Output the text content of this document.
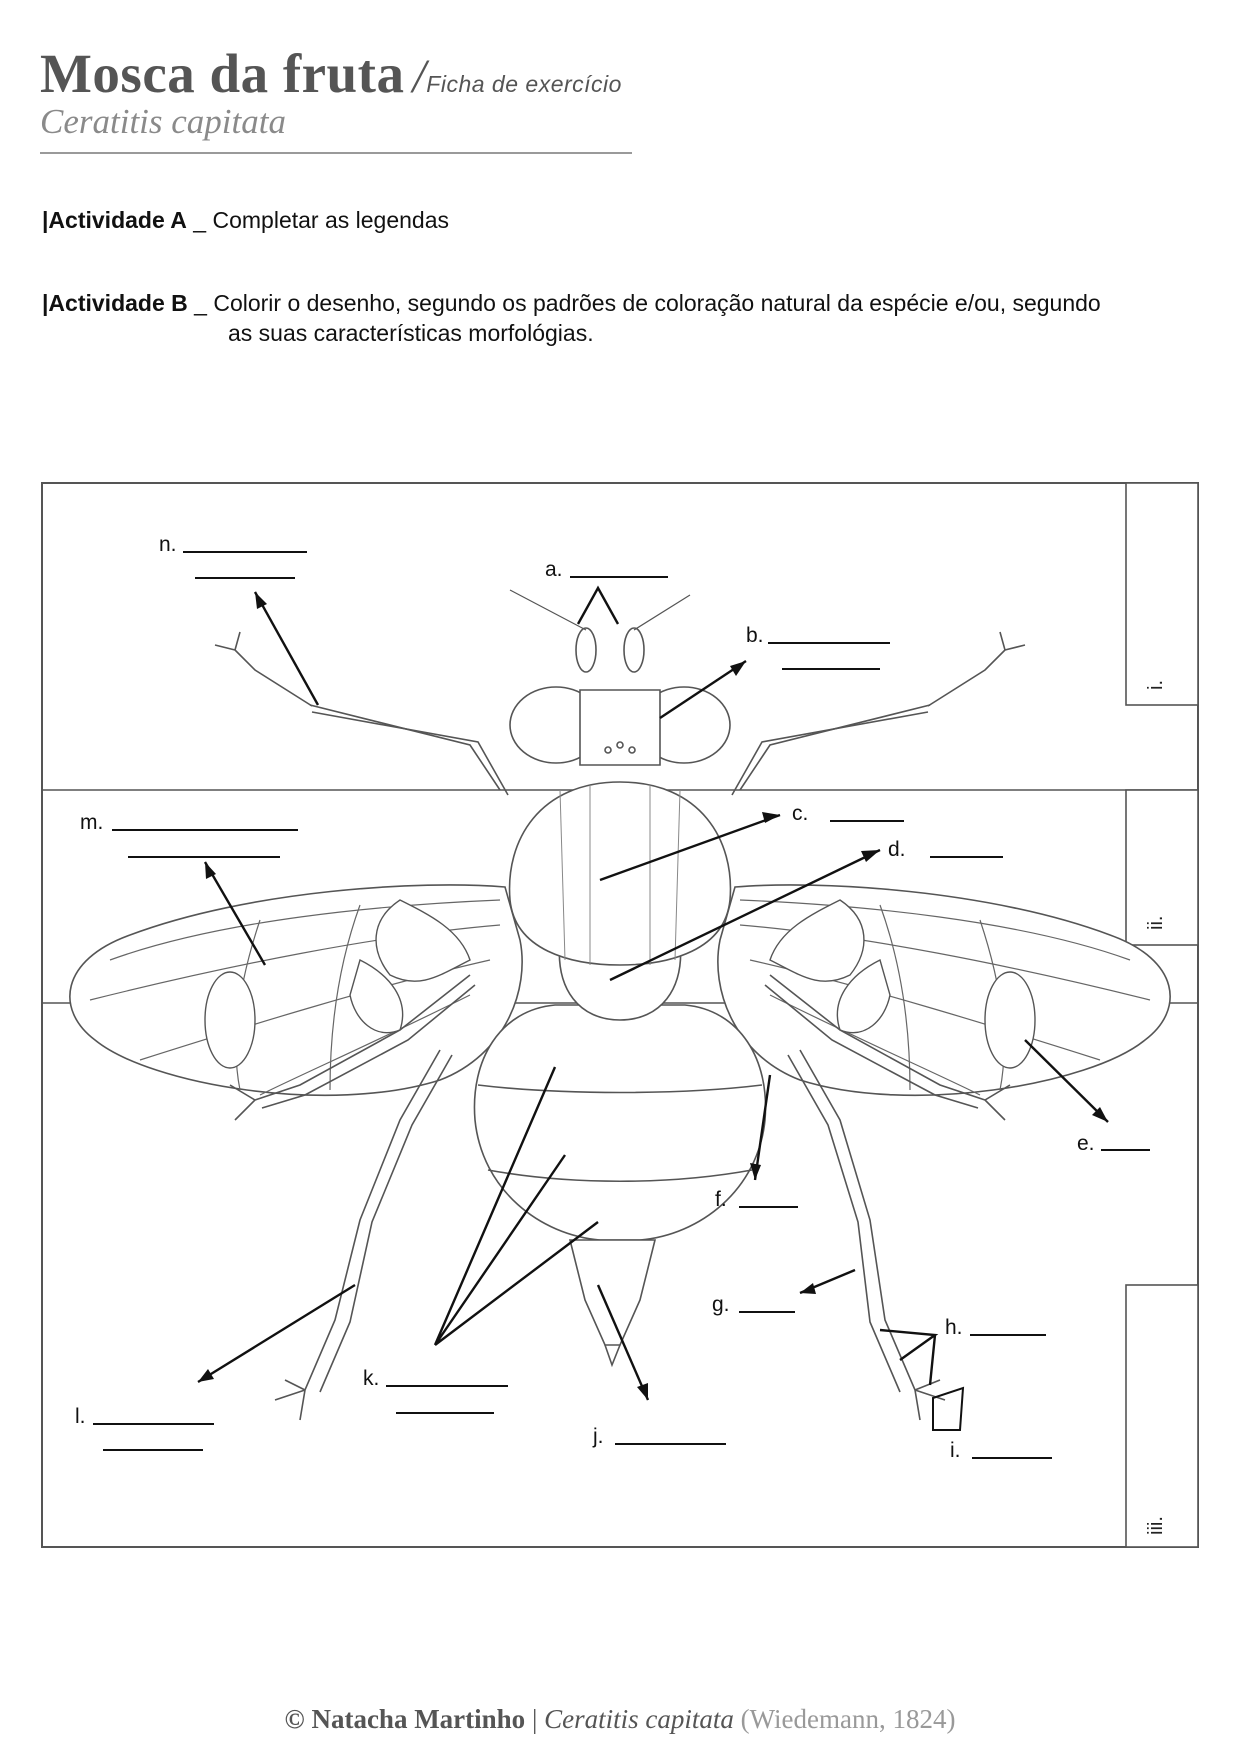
Mosca da fruta /Ficha de exercício
Ceratitis capitata
|Actividade A _ Completar as legendas
|Actividade B _ Colorir o desenho, segundo os padrões de coloração natural da espécie e/ou, segundo
as suas características morfológias.
i.
ii.
iii.
a.
b.
c.
d.
e.
f.
g.
h.
i.
j.
k.
l.
m.
n.
© Natacha Martinho | Ceratitis capitata (Wiedemann, 1824)
